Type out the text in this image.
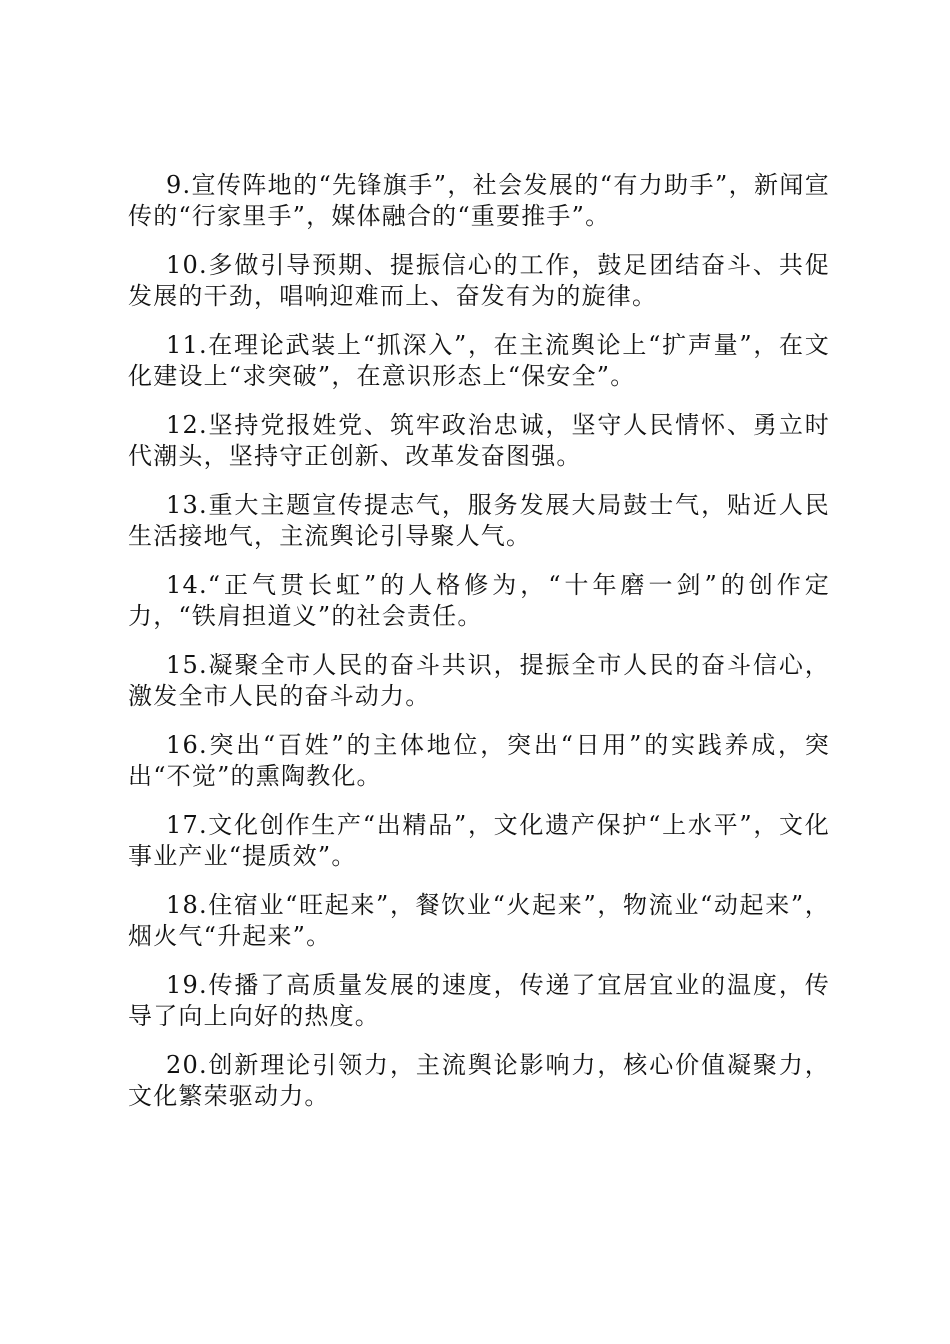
9.宣传阵地的“先锋旗手”，社会发展的“有力助手”，新闻宣传的“行家里手”，媒体融合的“重要推手”。

10.多做引导预期、提振信心的工作，鼓足团结奋斗、共促发展的干劲，唱响迎难而上、奋发有为的旋律。

11.在理论武装上“抓深入”，在主流舆论上“扩声量”，在文化建设上“求突破”，在意识形态上“保安全”。

12.坚持党报姓党、筑牢政治忠诚，坚守人民情怀、勇立时代潮头，坚持守正创新、改革发奋图强。

13.重大主题宣传提志气，服务发展大局鼓士气，贴近人民生活接地气，主流舆论引导聚人气。

14.“正气贯长虹”的人格修为，“十年磨一剑”的创作定力，“铁肩担道义”的社会责任。

15.凝聚全市人民的奋斗共识，提振全市人民的奋斗信心，激发全市人民的奋斗动力。

16.突出“百姓”的主体地位，突出“日用”的实践养成，突出“不觉”的熏陶教化。

17.文化创作生产“出精品”，文化遗产保护“上水平”，文化事业产业“提质效”。

18.住宿业“旺起来”，餐饮业“火起来”，物流业“动起来”，烟火气“升起来”。

19.传播了高质量发展的速度，传递了宜居宜业的温度，传导了向上向好的热度。

20.创新理论引领力，主流舆论影响力，核心价值凝聚力，文化繁荣驱动力。
